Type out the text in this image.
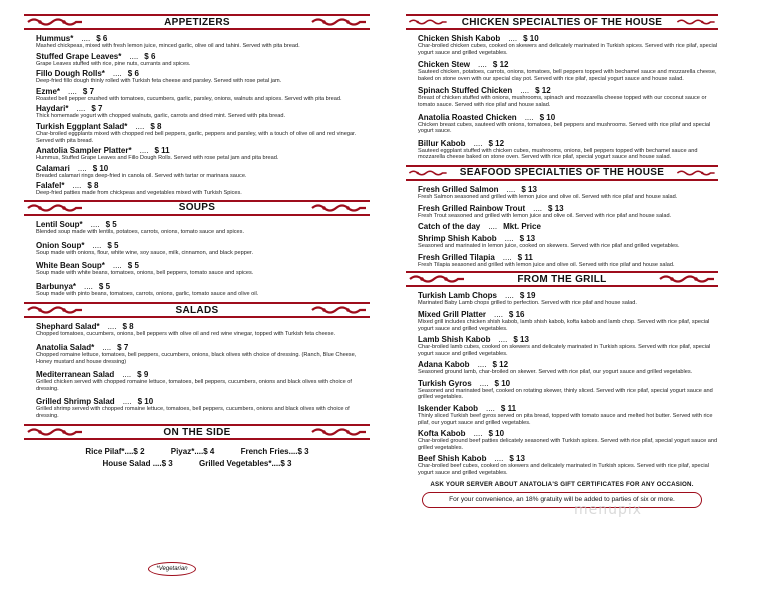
APPETIZERS
Hummus* .... $ 6
Mashed chickpeas, mixed with fresh lemon juice, minced garlic, olive oil and tahini. Served with pita bread.
Stuffed Grape Leaves* .... $ 6
Grape Leaves stuffed with rice, pine nuts, currants and spices.
Fillo Dough Rolls* .... $ 6
Deep-fried fillo dough thinly rolled with Turkish feta cheese and parsley. Served with rose petal jam.
Ezme* .... $ 7
Roasted bell pepper crushed with tomatoes, cucumbers, garlic, parsley, onions, walnuts and spices. Served with pita bread.
Haydari* .... $ 7
Thick homemade yogurt with chopped walnuts, garlic, carrots and dried mint. Served with pita bread.
Turkish Eggplant Salad* .... $ 8
Char-broiled eggplants mixed with chopped red bell peppers, garlic, peppers and parsley, with a touch of olive oil and red vinegar. Served with pita bread.
Anatolia Sampler Platter* .... $ 11
Hummus, Stuffed Grape Leaves and Fillo Dough Rolls. Served with rose petal jam and pita bread.
Calamari .... $ 10
Breaded calamari rings deep-fried in canola oil. Served with tartar or marinara sauce.
Falafel* .... $ 8
Deep-fried patties made from chickpeas and vegetables mixed with Turkish Spices.
SOUPS
Lentil Soup* .... $ 5
Blended soup made with lentils, potatoes, carrots, onions, tomato sauce and spices.
Onion Soup* .... $ 5
Soup made with onions, flour, white wine, soy sauce, milk, cinnamon, and black pepper.
White Bean Soup* .... $ 5
Soup made with white beans, tomatoes, onions, bell peppers, tomato sauce and spices.
Barbunya* .... $ 5
Soup made with pinto beans, tomatoes, carrots, onions, garlic, tomato sauce and olive oil.
SALADS
Shephard Salad* .... $ 8
Chopped tomatoes, cucumbers, onions, bell peppers with olive oil and red wine vinegar, topped with Turkish feta cheese.
Anatolia Salad* .... $ 7
Chopped romaine lettuce, tomatoes, bell peppers, cucumbers, onions, black olives with choice of dressing. (Ranch, Blue Cheese, Honey mustard and house dressing)
Mediterranean Salad .... $ 9
Grilled chicken served with chopped romaine lettuce, tomatoes, bell peppers, cucumbers, onions and black olives with choice of dressing.
Grilled Shrimp Salad .... $ 10
Grilled shrimp served with chopped romaine lettuce, tomatoes, bell peppers, cucumbers, onions and black olives with choice of dressing.
ON THE SIDE
Rice Pilaf*....$ 2	Piyaz*....$ 4	French Fries....$ 3
House Salad ....$ 3	Grilled Vegetables*....$ 3
*Vegetarian
CHICKEN SPECIALTIES OF THE HOUSE
Chicken Shish Kabob .... $ 10
Char-broiled chicken cubes, cooked on skewers and delicately marinated in Turkish spices. Served with rice pilaf, special yogurt sauce and grilled vegetables.
Chicken Stew .... $ 12
Sauteed chicken, potatoes, carrots, onions, tomatoes, bell peppers topped with bechamel sauce and mozzarella cheese, baked on stone oven with our special clay pot. Served with rice pilaf, special yogurt sauce and house salad.
Spinach Stuffed Chicken .... $ 12
Breast of chicken stuffed with onions, mushrooms, spinach and mozzarella cheese topped with our coconut sauce or tomato sauce. Served with rice pilaf and house salad.
Anatolia Roasted Chicken .... $ 10
Chicken breast cubes, sauteed with onions, tomatoes, bell peppers and mushrooms. Served with rice pilaf and special yogurt sauce.
Billur Kabob .... $ 12
Sauteed eggplant stuffed with chicken cubes, mushrooms, onions, bell peppers topped with bechamel sauce and mozzarella cheese baked on stone oven. Served with rice pilaf, special yogurt sauce and house salad.
SEAFOOD SPECIALTIES OF THE HOUSE
Fresh Grilled Salmon .... $ 13
Fresh Salmon seasoned and grilled with lemon juice and olive oil. Served with rice pilaf and house salad.
Fresh Grilled Rainbow Trout .... $ 13
Fresh Trout seasoned and grilled with lemon juice and olive oil. Served with rice pilaf and house salad.
Catch of the day .... Mkt. Price
Shrimp Shish Kabob .... $ 13
Seasoned and marinated in lemon juice, cooked on skewers. Served with rice pilaf and grilled vegetables.
Fresh Grilled Tilapia .... $ 11
Fresh Tilapia seasoned and grilled with lemon juice and olive oil. Served with rice pilaf and house salad.
FROM THE GRILL
Turkish Lamb Chops .... $ 19
Marinated Baby Lamb chops grilled to perfection. Served with rice pilaf and house salad.
Mixed Grill Platter .... $ 16
Mixed grill includes chicken shish kabob, lamb shish kabob, kofta kabob and lamb chop. Served with rice pilaf, special yogurt sauce and grilled vegetables.
Lamb Shish Kabob .... $ 13
Char-broiled lamb cubes, cooked on skewers and delicately marinated in Turkish spices. Served with rice pilaf, special yogurt sauce and grilled vegetables.
Adana Kabob .... $ 12
Seasoned ground lamb, char-broiled on skewer. Served with rice pilaf, our yogurt sauce and grilled vegetables.
Turkish Gyros .... $ 10
Seasoned and marinated beef, cooked on rotating skewer, thinly sliced. Served with rice pilaf, special yogurt sauce and grilled vegetables.
Iskender Kabob .... $ 11
Thinly sliced Turkish beef gyros served on pita bread, topped with tomato sauce and melted hot butter. Served with rice pilaf, our yogurt sauce and grilled vegetables.
Kofta Kabob .... $ 10
Char-broiled ground beef patties delicately seasoned with Turkish spices. Served with rice pilaf, special yogurt sauce and grilled vegetables.
Beef Shish Kabob .... $ 13
Char-broiled beef cubes, cooked on skewers and delicately marinated in Turkish spices. Served with rice pilaf, special yogurt sauce and grilled vegetables.
ASK YOUR SERVER ABOUT ANATOLIA'S GIFT CERTIFICATES FOR ANY OCCASION.
For your convenience, an 18% gratuity will be added to parties of six or more.
menupix
